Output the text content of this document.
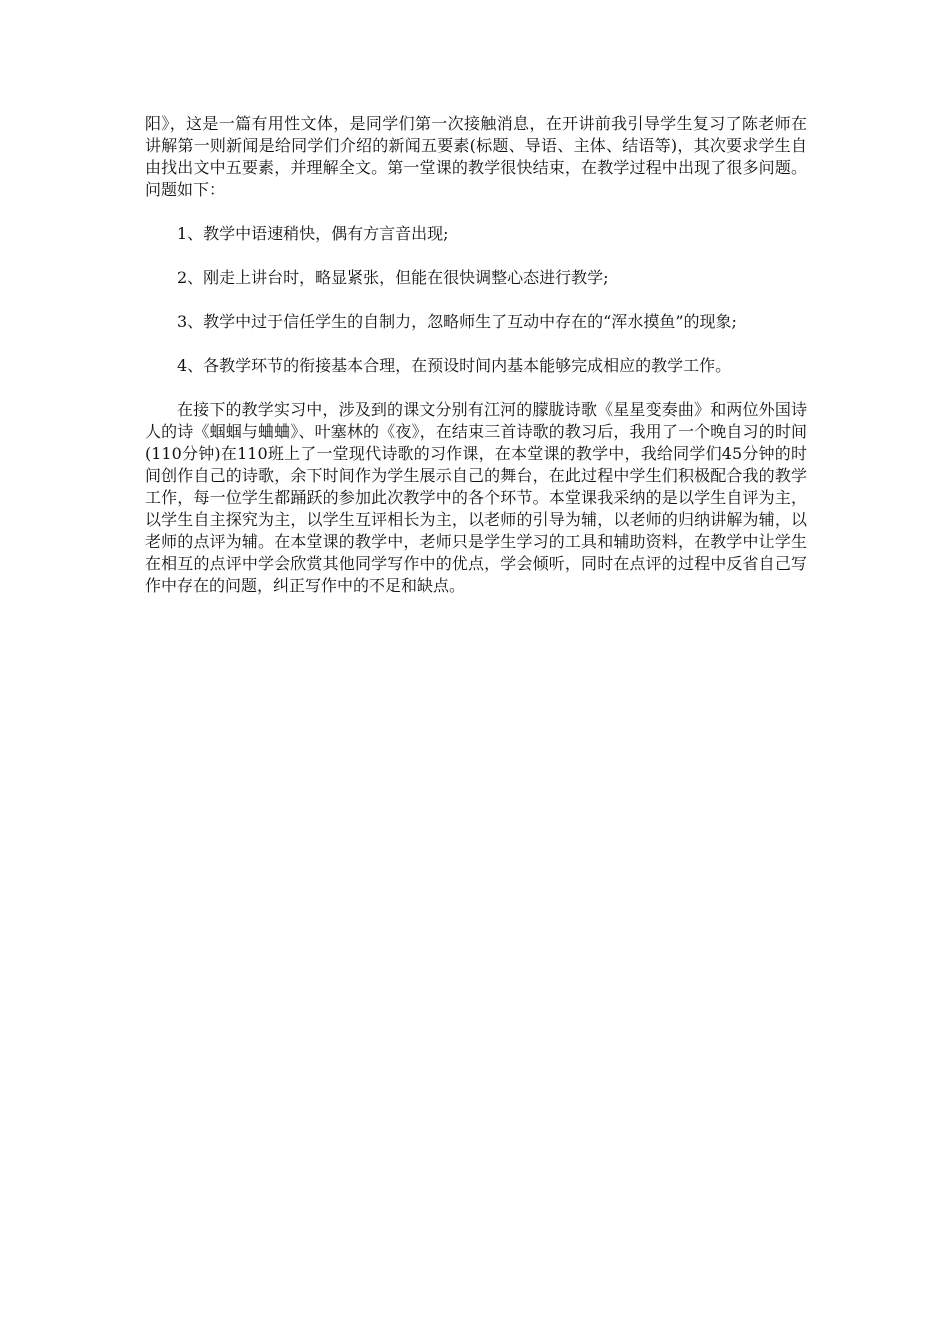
阳》，这是一篇有用性文体，是同学们第一次接触消息，在开讲前我引导学生复习了陈老师在讲解第一则新闻是给同学们介绍的新闻五要素(标题、导语、主体、结语等)，其次要求学生自由找出文中五要素，并理解全文。第一堂课的教学很快结束，在教学过程中出现了很多问题。问题如下：

1、教学中语速稍快，偶有方言音出现;

2、刚走上讲台时，略显紧张，但能在很快调整心态进行教学;

3、教学中过于信任学生的自制力，忽略师生了互动中存在的“浑水摸鱼”的现象;

4、各教学环节的衔接基本合理，在预设时间内基本能够完成相应的教学工作。

在接下的教学实习中，涉及到的课文分别有江河的朦胧诗歌《星星变奏曲》和两位外国诗人的诗《蝈蝈与蛐蛐》、叶塞林的《夜》，在结束三首诗歌的教习后，我用了一个晚自习的时间(110分钟)在110班上了一堂现代诗歌的习作课，在本堂课的教学中，我给同学们45分钟的时间创作自己的诗歌，余下时间作为学生展示自己的舞台，在此过程中学生们积极配合我的教学工作，每一位学生都踊跃的参加此次教学中的各个环节。本堂课我采纳的是以学生自评为主，以学生自主探究为主，以学生互评相长为主，以老师的引导为辅，以老师的归纳讲解为辅，以老师的点评为辅。在本堂课的教学中，老师只是学生学习的工具和辅助资料，在教学中让学生在相互的点评中学会欣赏其他同学写作中的优点，学会倾听，同时在点评的过程中反省自己写作中存在的问题，纠正写作中的不足和缺点。
